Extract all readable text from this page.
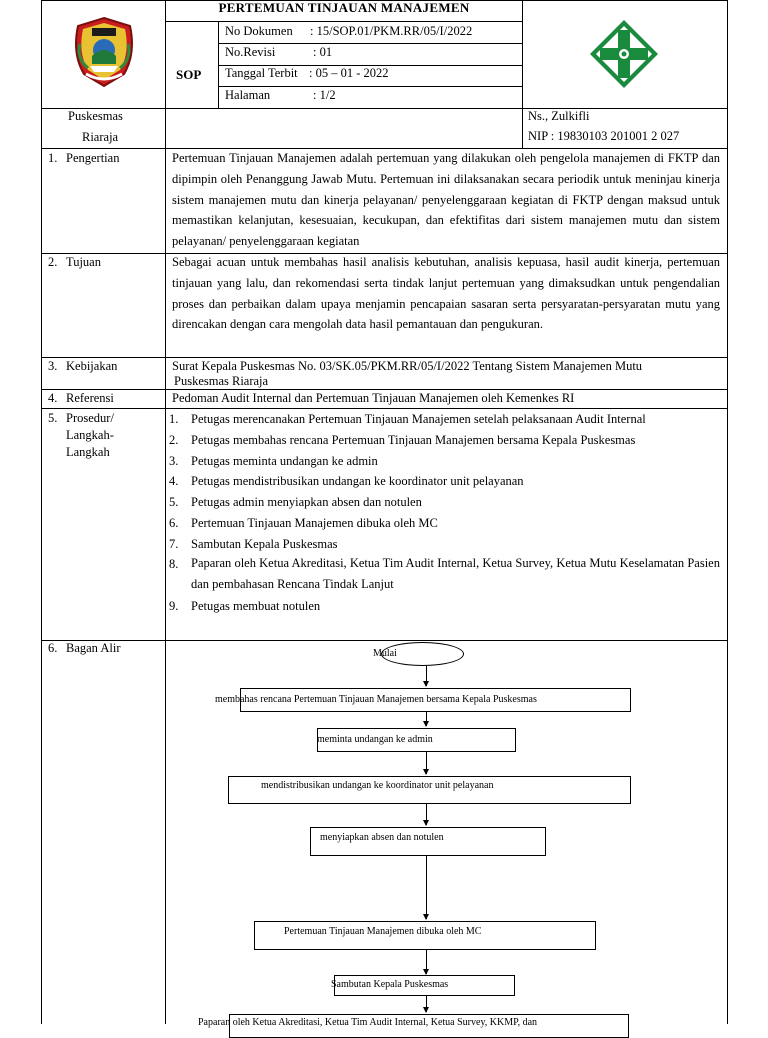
PERTEMUAN TINJAUAN MANAJEMEN
SOP
No Dokumen : 15/SOP.01/PKM.RR/05/I/2022
No.Revisi	: 01
Tanggal Terbit : 05 – 01 - 2022
Halaman	: 1/2
Puskesmas
Riaraja
Ns., Zulkifli
NIP : 19830103 201001 2 027
1. Pengertian	Pertemuan Tinjauan Manajemen adalah pertemuan yang dilakukan oleh pengelola manajemen di FKTP dan dipimpin oleh Penanggung Jawab Mutu. Pertemuan ini dilaksanakan secara periodik untuk meninjau kinerja sistem manajemen mutu dan kinerja pelayanan/ penyelenggaraan kegiatan di FKTP dengan maksud untuk memastikan kelanjutan, kesesuaian, kecukupan, dan efektifitas dari sistem manajemen mutu dan sistem pelayanan/ penyelenggaraan kegiatan
2. Tujuan	Sebagai acuan untuk membahas hasil analisis kebutuhan, analisis kepuasa, hasil audit kinerja, pertemuan tinjauan yang lalu, dan rekomendasi serta tindak lanjut pertemuan yang dimaksudkan untuk pengendalian proses dan perbaikan dalam upaya menjamin pencapaian sasaran serta persyaratan-persyaratan mutu yang direncakan dengan cara mengolah data hasil pemantauan dan pengukuran.
3. Kebijakan	Surat Kepala Puskesmas No. 03/SK.05/PKM.RR/05/I/2022 Tentang Sistem Manajemen Mutu
Puskesmas Riaraja
4. Referensi	Pedoman Audit Internal dan Pertemuan Tinjauan Manajemen oleh Kemenkes RI
5. Prosedur/
Langkah-
Langkah
1. Petugas merencanakan Pertemuan Tinjauan Manajemen setelah pelaksanaan Audit Internal
2. Petugas membahas rencana Pertemuan Tinjauan Manajemen bersama Kepala Puskesmas
3. Petugas meminta undangan ke admin
4. Petugas mendistribusikan undangan ke koordinator unit pelayanan
5. Petugas admin menyiapkan absen dan notulen
6. Pertemuan Tinjauan Manajemen dibuka oleh MC
7. Sambutan Kepala Puskesmas
8. Paparan oleh Ketua Akreditasi, Ketua Tim Audit Internal, Ketua Survey, Ketua Mutu Keselamatan Pasien dan pembahasan Rencana Tindak Lanjut
9. Petugas membuat notulen
6. Bagan Alir	Mulai
membahas rencana Pertemuan Tinjauan Manajemen bersama Kepala Puskesmas
meminta undangan ke admin
mendistribusikan undangan ke koordinator unit pelayanan
menyiapkan absen dan notulen
Pertemuan Tinjauan Manajemen dibuka oleh MC
Sambutan Kepala Puskesmas
Paparan oleh Ketua Akreditasi, Ketua Tim Audit Internal, Ketua Survey, KKMP, dan
